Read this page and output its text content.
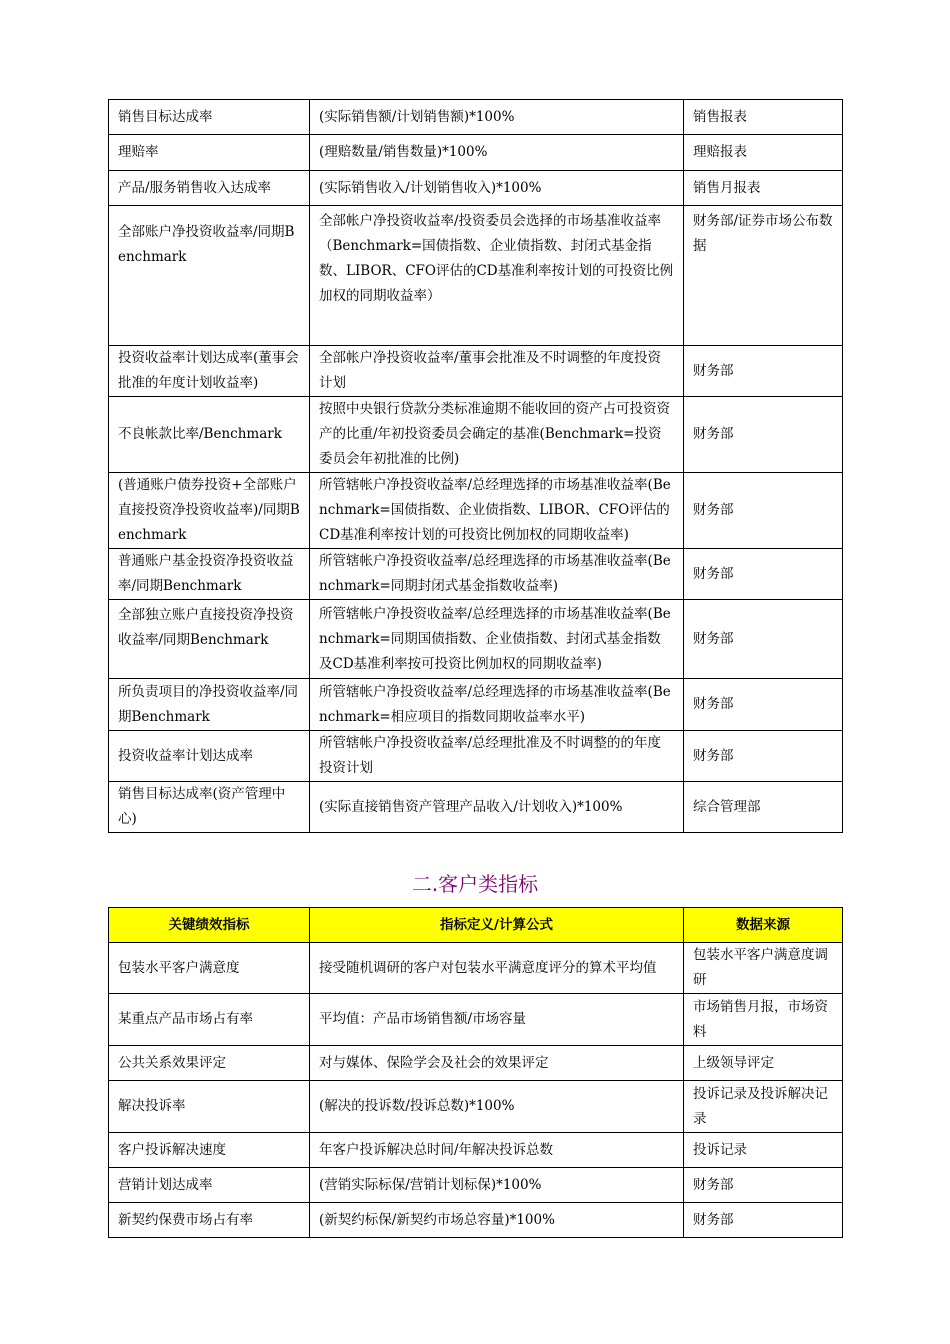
销售目标达成率	(实际销售额/计划销售额)*100%	销售报表
理赔率	(理赔数量/销售数量)*100%	理赔报表
产品/服务销售收入达成率	(实际销售收入/计划销售收入)*100%	销售月报表
全部账户净投资收益率/同期Benchmark	全部帐户净投资收益率/投资委员会选择的市场基准收益率（Benchmark=国债指数、企业债指数、封闭式基金指数、LIBOR、CFO评估的CD基准利率按计划的可投资比例加权的同期收益率）	财务部/证券市场公布数据
投资收益率计划达成率(董事会批准的年度计划收益率)	全部帐户净投资收益率/董事会批准及不时调整的年度投资计划	财务部
不良帐款比率/Benchmark	按照中央银行贷款分类标准逾期不能收回的资产占可投资资产的比重/年初投资委员会确定的基准(Benchmark=投资委员会年初批准的比例)	财务部
(普通账户债券投资+全部账户直接投资净投资收益率)/同期Benchmark	所管辖帐户净投资收益率/总经理选择的市场基准收益率(Benchmark=国债指数、企业债指数、LIBOR、CFO评估的CD基准利率按计划的可投资比例加权的同期收益率)	财务部
普通账户基金投资净投资收益率/同期Benchmark	所管辖帐户净投资收益率/总经理选择的市场基准收益率(Benchmark=同期封闭式基金指数收益率)	财务部
全部独立账户直接投资净投资收益率/同期Benchmark	所管辖帐户净投资收益率/总经理选择的市场基准收益率(Benchmark=同期国债指数、企业债指数、封闭式基金指数及CD基准利率按可投资比例加权的同期收益率)	财务部
所负责项目的净投资收益率/同期Benchmark	所管辖帐户净投资收益率/总经理选择的市场基准收益率(Benchmark=相应项目的指数同期收益率水平)	财务部
投资收益率计划达成率	所管辖帐户净投资收益率/总经理批准及不时调整的的年度投资计划	财务部
销售目标达成率(资产管理中心)	(实际直接销售资产管理产品收入/计划收入)*100%	综合管理部
二.客户类指标
关键绩效指标	指标定义/计算公式	数据来源
包装水平客户满意度	接受随机调研的客户对包装水平满意度评分的算术平均值	包装水平客户满意度调研
某重点产品市场占有率	平均值：产品市场销售额/市场容量	市场销售月报，市场资料
公共关系效果评定	对与媒体、保险学会及社会的效果评定	上级领导评定
解决投诉率	(解决的投诉数/投诉总数)*100%	投诉记录及投诉解决记录
客户投诉解决速度	年客户投诉解决总时间/年解决投诉总数	投诉记录
营销计划达成率	(营销实际标保/营销计划标保)*100%	财务部
新契约保费市场占有率	(新契约标保/新契约市场总容量)*100%	财务部
